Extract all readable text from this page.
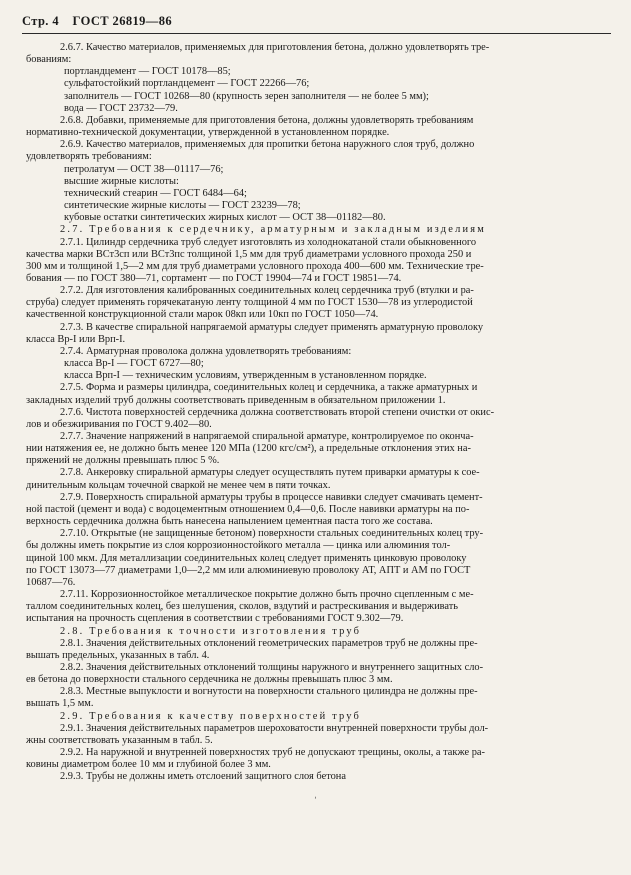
Стр. 4 ГОСТ 26819—86
2.6.7. Качество материалов, применяемых для приготовления бетона, должно удовлетворять тре-
бованиям:
портландцемент — ГОСТ 10178—85;
сульфатостойкий портландцемент — ГОСТ 22266—76;
заполнитель — ГОСТ 10268—80 (крупность зерен заполнителя — не более 5 мм);
вода — ГОСТ 23732—79.
2.6.8. Добавки, применяемые для приготовления бетона, должны удовлетворять требованиям
нормативно-технической документации, утвержденной в установленном порядке.
2.6.9. Качество материалов, применяемых для пропитки бетона наружного слоя труб, должно
удовлетворять требованиям:
петролатум — ОСТ 38—01117—76;
высшие жирные кислоты:
технический стеарин — ГОСТ 6484—64;
синтетические жирные кислоты — ГОСТ 23239—78;
кубовые остатки синтетических жирных кислот — ОСТ 38—01182—80.
2.7. Требования к сердечнику, арматурным и закладным изделиям
2.7.1. Цилиндр сердечника труб следует изготовлять из холоднокатаной стали обыкновенного
качества марки ВСт3сп или ВСт3пс толщиной 1,5 мм для труб диаметрами условного прохода 250 и
300 мм и толщиной 1,5—2 мм для труб диаметрами условного прохода 400—600 мм. Технические тре-
бования — по ГОСТ 380—71, сортамент — по ГОСТ 19904—74 и ГОСТ 19851—74.
2.7.2. Для изготовления калиброванных соединительных колец сердечника труб (втулки и ра-
струба) следует применять горячекатаную ленту толщиной 4 мм по ГОСТ 1530—78 из углеродистой
качественной конструкционной стали марок 08кп или 10кп по ГОСТ 1050—74.
2.7.3. В качестве спиральной напрягаемой арматуры следует применять арматурную проволоку
класса Вр-I или Врп-I.
2.7.4. Арматурная проволока должна удовлетворять требованиям:
класса Вр-I — ГОСТ 6727—80;
класса Врп-I — техническим условиям, утвержденным в установленном порядке.
2.7.5. Форма и размеры цилиндра, соединительных колец и сердечника, а также арматурных и
закладных изделий труб должны соответствовать приведенным в обязательном приложении 1.
2.7.6. Чистота поверхностей сердечника должна соответствовать второй степени очистки от окис-
лов и обезжиривания по ГОСТ 9.402—80.
2.7.7. Значение напряжений в напрягаемой спиральной арматуре, контролируемое по оконча-
нии натяжения ее, не должно быть менее 120 МПа (1200 кгс/см²), а предельные отклонения этих на-
пряжений не должны превышать плюс 5 %.
2.7.8. Анкеровку спиральной арматуры следует осуществлять путем приварки арматуры к сое-
динительным кольцам точечной сваркой не менее чем в пяти точках.
2.7.9. Поверхность спиральной арматуры трубы в процессе навивки следует смачивать цемент-
ной пастой (цемент и вода) с водоцементным отношением 0,4—0,6. После навивки арматуры на по-
верхность сердечника должна быть нанесена напылением цементная паста того же состава.
2.7.10. Открытые (не защищенные бетоном) поверхности стальных соединительных колец тру-
бы должны иметь покрытие из слоя коррозионностойкого металла — цинка или алюминия тол-
щиной 100 мкм. Для металлизации соединительных колец следует применять цинковую проволоку
по ГОСТ 13073—77 диаметрами 1,0—2,2 мм или алюминиевую проволоку АТ, АПТ и АМ по ГОСТ
10687—76.
2.7.11. Коррозионностойкое металлическое покрытие должно быть прочно сцепленным с ме-
таллом соединительных колец, без шелушения, сколов, вздутий и растрескивания и выдерживать
испытания на прочность сцепления в соответствии с требованиями ГОСТ 9.302—79.
2.8. Требования к точности изготовления труб
2.8.1. Значения действительных отклонений геометрических параметров труб не должны пре-
вышать предельных, указанных в табл. 4.
2.8.2. Значения действительных отклонений толщины наружного и внутреннего защитных сло-
ев бетона до поверхности стального сердечника не должны превышать плюс 3 мм.
2.8.3. Местные выпуклости и вогнутости на поверхности стального цилиндра не должны пре-
вышать 1,5 мм.
2.9. Требования к качеству поверхностей труб
2.9.1. Значения действительных параметров шероховатости внутренней поверхности трубы дол-
жны соответствовать указанным в табл. 5.
2.9.2. На наружной и внутренней поверхностях труб не допускают трещины, околы, а также ра-
ковины диаметром более 10 мм и глубиной более 3 мм.
2.9.3. Трубы не должны иметь отслоений защитного слоя бетона
ʹ
